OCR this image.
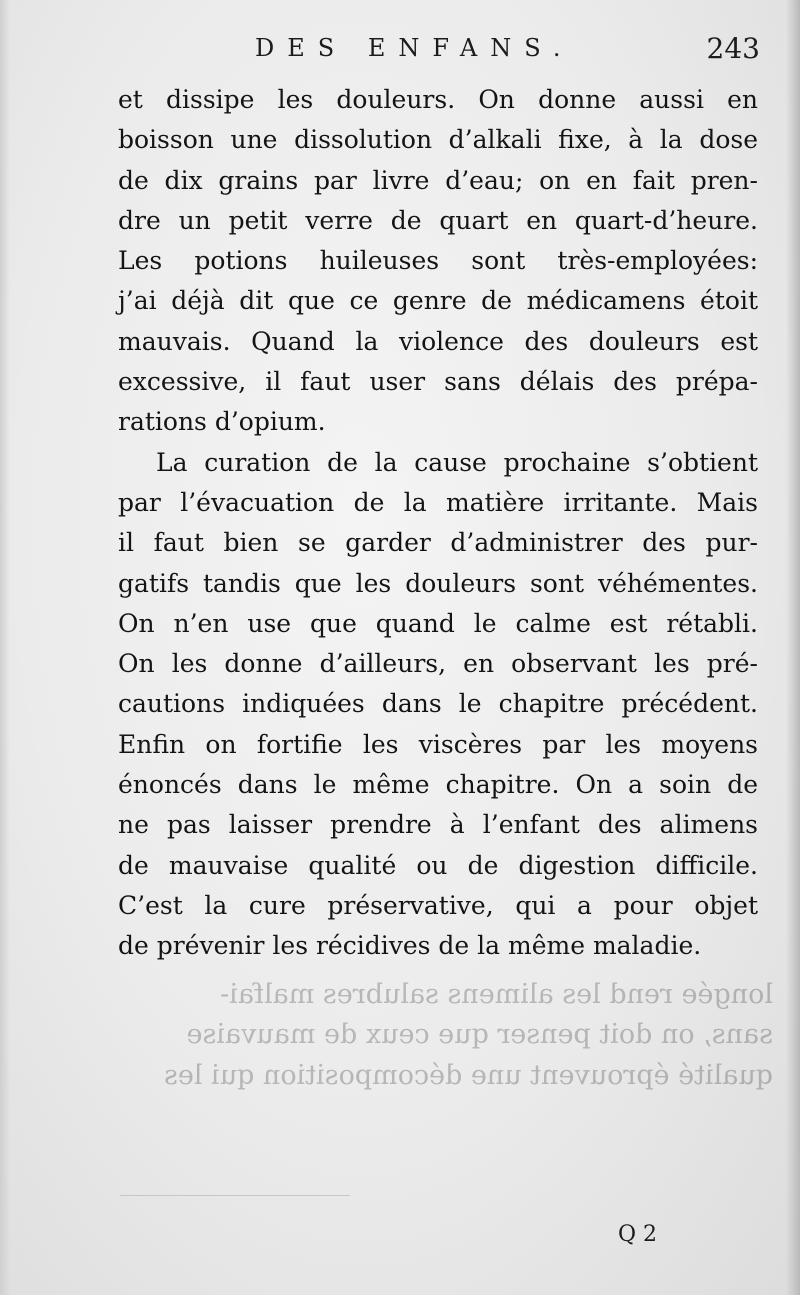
longée rend les alimens salubres malfai-
sans, on doit penser que ceux de mauvaise
qualité éprouvent une décomposition qui les
DES ENFANS.	243
et dissipe les douleurs. On donne aussi en
boisson une dissolution d’alkali fixe, à la dose
de dix grains par livre d’eau; on en fait pren-
dre un petit verre de quart en quart-d’heure.
Les potions huileuses sont très-employées:
j’ai déjà dit que ce genre de médicamens étoit
mauvais. Quand la violence des douleurs est
excessive, il faut user sans délais des prépa-
rations d’opium.
La curation de la cause prochaine s’obtient
par l’évacuation de la matière irritante. Mais
il faut bien se garder d’administrer des pur-
gatifs tandis que les douleurs sont véhémentes.
On n’en use que quand le calme est rétabli.
On les donne d’ailleurs, en observant les pré-
cautions indiquées dans le chapitre précédent.
Enfin on fortifie les viscères par les moyens
énoncés dans le même chapitre. On a soin de
ne pas laisser prendre à l’enfant des alimens
de mauvaise qualité ou de digestion difficile.
C’est la cure préservative, qui a pour objet
de prévenir les récidives de la même maladie.
Q 2
